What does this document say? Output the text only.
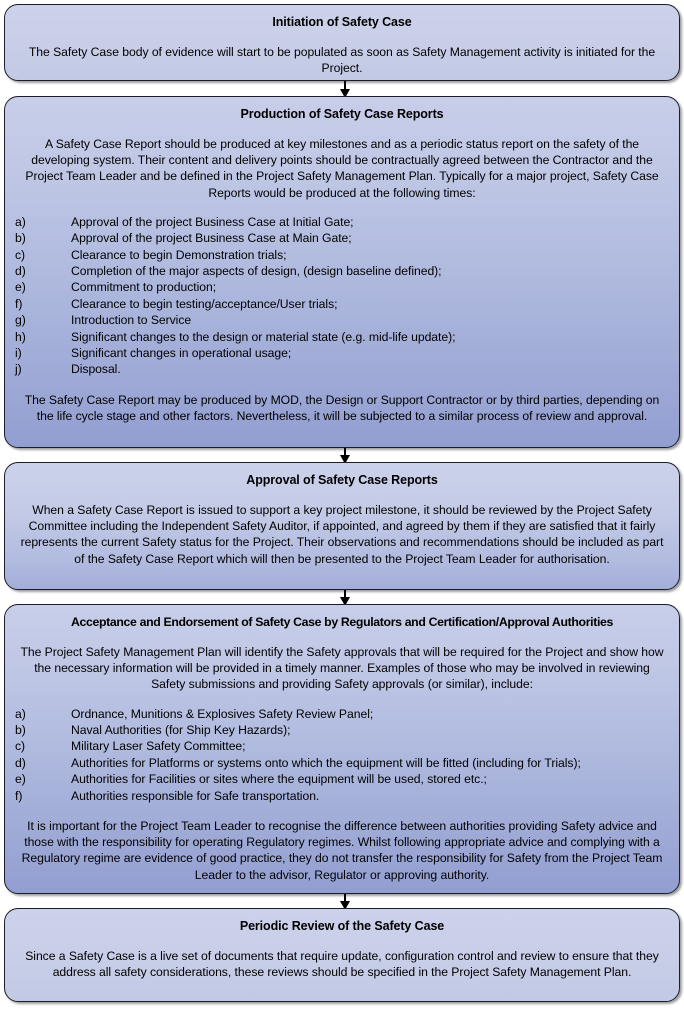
Initiation of Safety Case
The Safety Case body of evidence will start to be populated as soon as Safety Management activity is initiated for the Project.
Production of Safety Case Reports
A Safety Case Report should be produced at key milestones and as a periodic status report on the safety of the developing system. Their content and delivery points should be contractually agreed between the Contractor and the Project Team Leader and be defined in the Project Safety Management Plan. Typically for a major project, Safety Case Reports would be produced at the following times:
a)	Approval of the project Business Case at Initial Gate;
b)	Approval of the project Business Case at Main Gate;
c)	Clearance to begin Demonstration trials;
d)	Completion of the major aspects of design, (design baseline defined);
e)	Commitment to production;
f)	Clearance to begin testing/acceptance/User trials;
g)	Introduction to Service
h)	Significant changes to the design or material state (e.g. mid-life update);
i)	Significant changes in operational usage;
j)	Disposal.
The Safety Case Report may be produced by MOD, the Design or Support Contractor or by third parties, depending on the life cycle stage and other factors. Nevertheless, it will be subjected to a similar process of review and approval.
Approval of Safety Case Reports
When a Safety Case Report is issued to support a key project milestone, it should be reviewed by the Project Safety Committee including the Independent Safety Auditor, if appointed, and agreed by them if they are satisfied that it fairly represents the current Safety status for the Project. Their observations and recommendations should be included as part of the Safety Case Report which will then be presented to the Project Team Leader for authorisation.
Acceptance and Endorsement of Safety Case by Regulators and Certification/Approval Authorities
The Project Safety Management Plan will identify the Safety approvals that will be required for the Project and show how the necessary information will be provided in a timely manner. Examples of those who may be involved in reviewing Safety submissions and providing Safety approvals (or similar), include:
a)	Ordnance, Munitions & Explosives Safety Review Panel;
b)	Naval Authorities (for Ship Key Hazards);
c)	Military Laser Safety Committee;
d)	Authorities for Platforms or systems onto which the equipment will be fitted (including for Trials);
e)	Authorities for Facilities or sites where the equipment will be used, stored etc.;
f)	Authorities responsible for Safe transportation.
It is important for the Project Team Leader to recognise the difference between authorities providing Safety advice and those with the responsibility for operating Regulatory regimes. Whilst following appropriate advice and complying with a Regulatory regime are evidence of good practice, they do not transfer the responsibility for Safety from the Project Team Leader to the advisor, Regulator or approving authority.
Periodic Review of the Safety Case
Since a Safety Case is a live set of documents that require update, configuration control and review to ensure that they address all safety considerations, these reviews should be specified in the Project Safety Management Plan.
